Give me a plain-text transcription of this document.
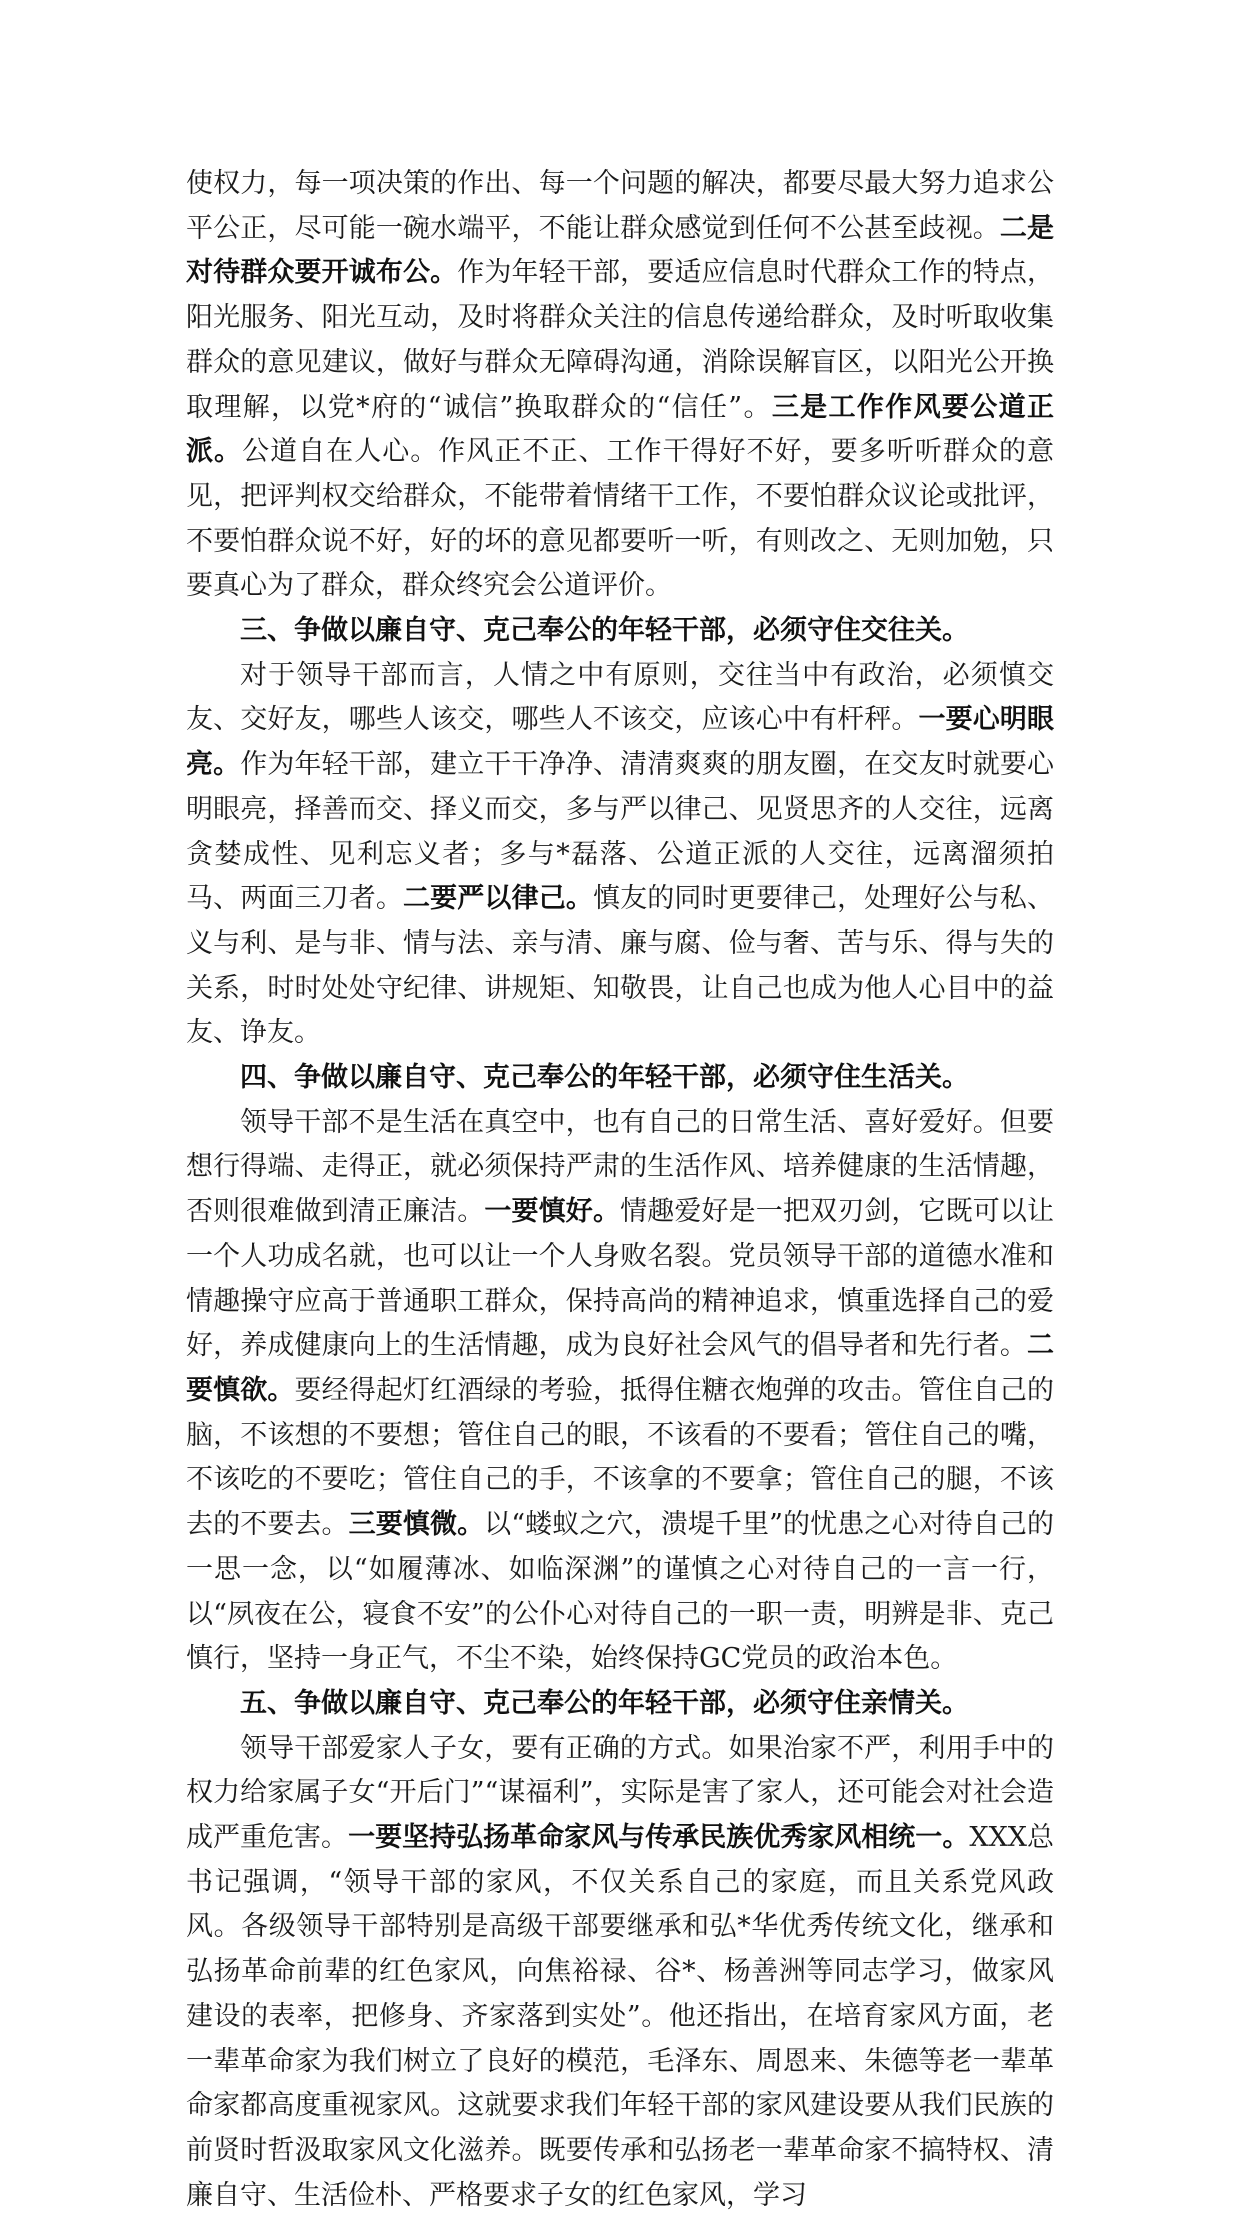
使权力，每一项决策的作出、每一个问题的解决，都要尽最大努力追求公平公正，尽可能一碗水端平，不能让群众感觉到任何不公甚至歧视。二是对待群众要开诚布公。作为年轻干部，要适应信息时代群众工作的特点，阳光服务、阳光互动，及时将群众关注的信息传递给群众，及时听取收集群众的意见建议，做好与群众无障碍沟通，消除误解盲区，以阳光公开换取理解，以党*府的“诚信”换取群众的“信任”。三是工作作风要公道正派。公道自在人心。作风正不正、工作干得好不好，要多听听群众的意见，把评判权交给群众，不能带着情绪干工作，不要怕群众议论或批评，不要怕群众说不好，好的坏的意见都要听一听，有则改之、无则加勉，只要真心为了群众，群众终究会公道评价。

三、争做以廉自守、克己奉公的年轻干部，必须守住交往关。

对于领导干部而言，人情之中有原则，交往当中有政治，必须慎交友、交好友，哪些人该交，哪些人不该交，应该心中有杆秤。一要心明眼亮。作为年轻干部，建立干干净净、清清爽爽的朋友圈，在交友时就要心明眼亮，择善而交、择义而交，多与严以律己、见贤思齐的人交往，远离贪婪成性、见利忘义者；多与*磊落、公道正派的人交往，远离溜须拍马、两面三刀者。二要严以律己。慎友的同时更要律己，处理好公与私、义与利、是与非、情与法、亲与清、廉与腐、俭与奢、苦与乐、得与失的关系，时时处处守纪律、讲规矩、知敬畏，让自己也成为他人心目中的益友、诤友。

四、争做以廉自守、克己奉公的年轻干部，必须守住生活关。

领导干部不是生活在真空中，也有自己的日常生活、喜好爱好。但要想行得端、走得正，就必须保持严肃的生活作风、培养健康的生活情趣，否则很难做到清正廉洁。一要慎好。情趣爱好是一把双刃剑，它既可以让一个人功成名就，也可以让一个人身败名裂。党员领导干部的道德水准和情趣操守应高于普通职工群众，保持高尚的精神追求，慎重选择自己的爱好，养成健康向上的生活情趣，成为良好社会风气的倡导者和先行者。二要慎欲。要经得起灯红酒绿的考验，抵得住糖衣炮弹的攻击。管住自己的脑，不该想的不要想；管住自己的眼，不该看的不要看；管住自己的嘴，不该吃的不要吃；管住自己的手，不该拿的不要拿；管住自己的腿，不该去的不要去。三要慎微。以“蝼蚁之穴，溃堤千里”的忧患之心对待自己的一思一念，以“如履薄冰、如临深渊”的谨慎之心对待自己的一言一行，以“夙夜在公，寝食不安”的公仆心对待自己的一职一责，明辨是非、克己慎行，坚持一身正气，不尘不染，始终保持GC党员的政治本色。

五、争做以廉自守、克己奉公的年轻干部，必须守住亲情关。

领导干部爱家人子女，要有正确的方式。如果治家不严，利用手中的权力给家属子女“开后门”“谋福利”，实际是害了家人，还可能会对社会造成严重危害。一要坚持弘扬革命家风与传承民族优秀家风相统一。XXX总书记强调，“领导干部的家风，不仅关系自己的家庭，而且关系党风政风。各级领导干部特别是高级干部要继承和弘*华优秀传统文化，继承和弘扬革命前辈的红色家风，向焦裕禄、谷*、杨善洲等同志学习，做家风建设的表率，把修身、齐家落到实处”。他还指出，在培育家风方面，老一辈革命家为我们树立了良好的模范，毛泽东、周恩来、朱德等老一辈革命家都高度重视家风。这就要求我们年轻干部的家风建设要从我们民族的前贤时哲汲取家风文化滋养。既要传承和弘扬老一辈革命家不搞特权、清廉自守、生活俭朴、严格要求子女的红色家风，学习
